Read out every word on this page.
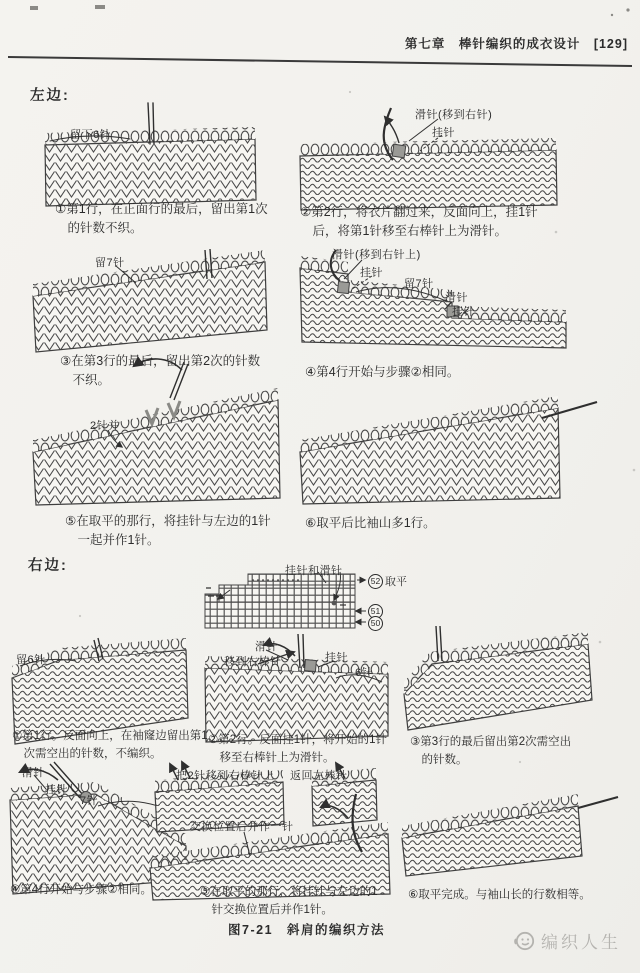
第七章　棒针编织的成衣设计 [129]
左边:
右边:
留下6针
滑针(移到右针)
挂针
留7针
滑针(移到右针上)
挂针
留7针
滑针
挂针
2针并
①第1行，在正面行的最后，留出第1次的针数不织。
②第2行，将衣片翻过来，反面向上，挂1针后，将第1针移至右棒针上为滑针。
③在第3行的最后，留出第2次的针数不织。
④第4行开始与步骤②相同。
⑤在取平的那行，将挂针与左边的1针一起并作1针。
⑥取平后比袖山多1行。
挂针和滑针
52 取平
51
50
留6针
滑针
移到右棒针	挂针
6针
滑针
挂针
7针
把2针移到右棒针上 返回左棒针
交换位置后并作一针
①第1行。反面向上，在袖窿边留出第1次需空出的针数，不编织。
②第2行。反面挂1针，将开始的1针移至右棒针上为滑针。
③第3行的最后留出第2次需空出的针数。
④第4行开始与步骤②相同。	⑤在取平的那行，将挂针与左边的1针交换位置后并作1针。
⑥取平完成。与袖山长的行数相等。
图7-21　斜肩的编织方法
编织人生
